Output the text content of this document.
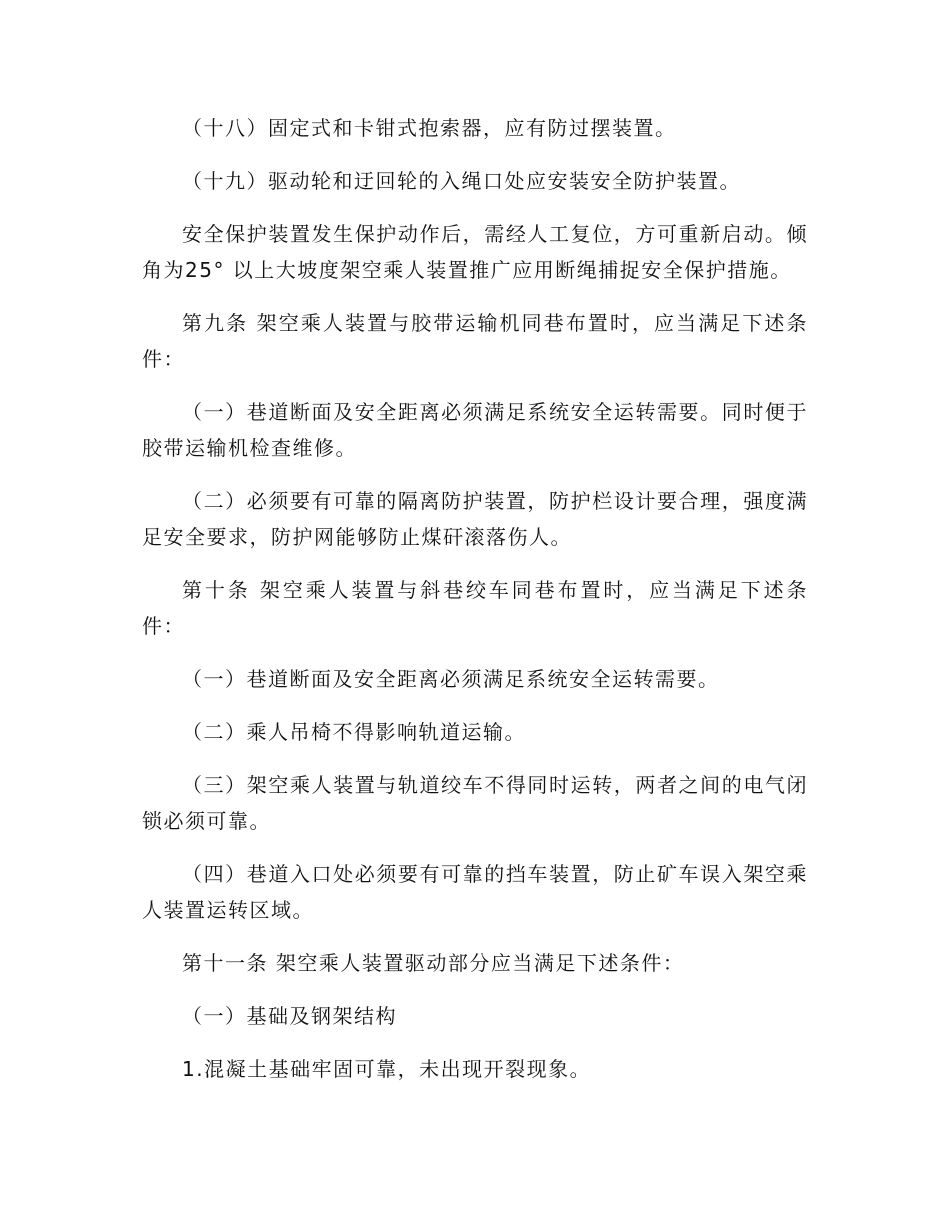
（十八）固定式和卡钳式抱索器，应有防过摆装置。

（十九）驱动轮和迂回轮的入绳口处应安装安全防护装置。

安全保护装置发生保护动作后，需经人工复位，方可重新启动。倾角为25° 以上大坡度架空乘人装置推广应用断绳捕捉安全保护措施。

第九条 架空乘人装置与胶带运输机同巷布置时，应当满足下述条件：

（一）巷道断面及安全距离必须满足系统安全运转需要。同时便于胶带运输机检查维修。

（二）必须要有可靠的隔离防护装置，防护栏设计要合理，强度满足安全要求，防护网能够防止煤矸滚落伤人。

第十条 架空乘人装置与斜巷绞车同巷布置时，应当满足下述条件：

（一）巷道断面及安全距离必须满足系统安全运转需要。

（二）乘人吊椅不得影响轨道运输。

（三）架空乘人装置与轨道绞车不得同时运转，两者之间的电气闭锁必须可靠。

（四）巷道入口处必须要有可靠的挡车装置，防止矿车误入架空乘人装置运转区域。

第十一条 架空乘人装置驱动部分应当满足下述条件：

（一）基础及钢架结构

1.混凝土基础牢固可靠，未出现开裂现象。
